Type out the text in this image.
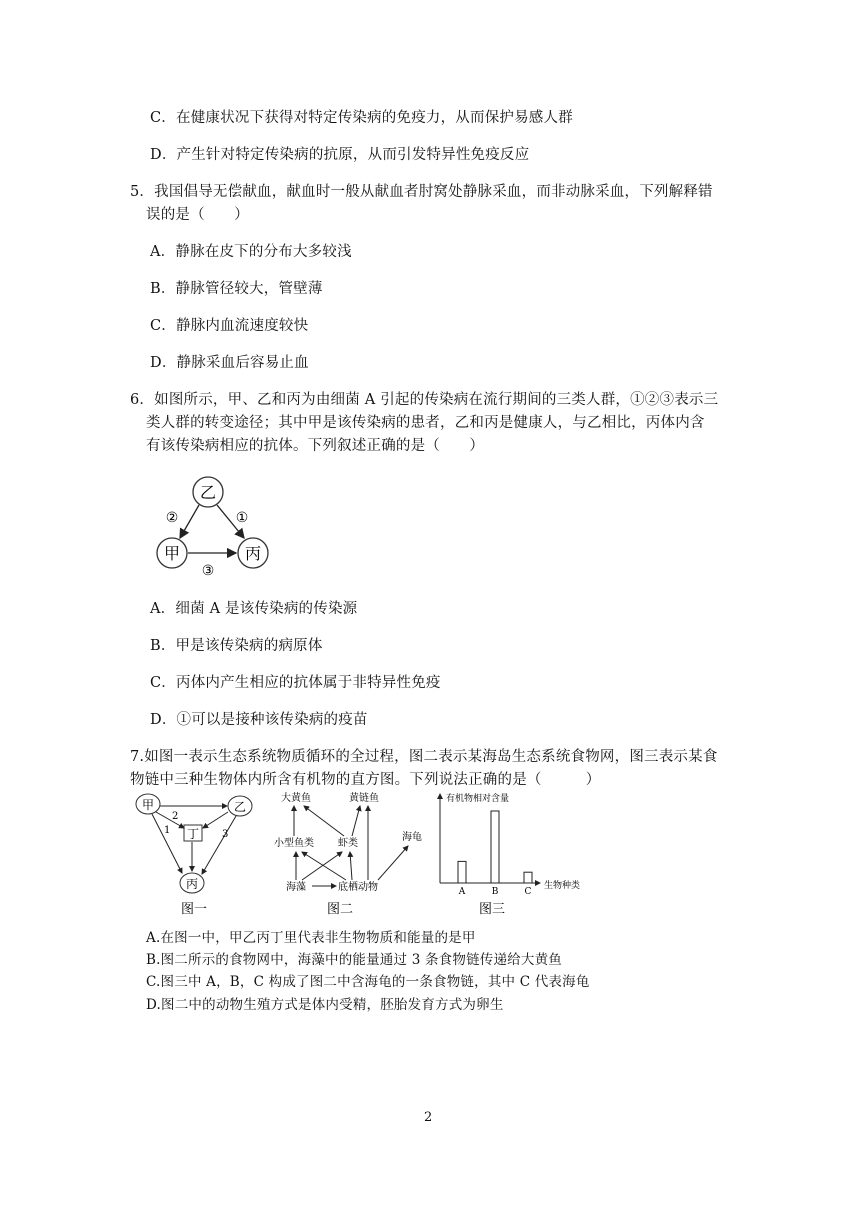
C．在健康状况下获得对特定传染病的免疫力，从而保护易感人群
D．产生针对特定传染病的抗原，从而引发特异性免疫反应
5．我国倡导无偿献血，献血时一般从献血者肘窝处静脉采血，而非动脉采血，下列解释错
误的是（　　）
A．静脉在皮下的分布大多较浅
B．静脉管径较大，管壁薄
C．静脉内血流速度较快
D．静脉采血后容易止血
6．如图所示，甲、乙和丙为由细菌 A 引起的传染病在流行期间的三类人群，①②③表示三
类人群的转变途径；其中甲是该传染病的患者，乙和丙是健康人，与乙相比，丙体内含
有该传染病相应的抗体。下列叙述正确的是（　　）
乙
甲	丙
②	①
③
A．细菌 A 是该传染病的传染源
B．甲是该传染病的病原体
C．丙体内产生相应的抗体属于非特异性免疫
D．①可以是接种该传染病的疫苗
7.如图一表示生态系统物质循环的全过程，图二表示某海岛生态系统食物网，图三表示某食
物链中三种生物体内所含有机物的直方图。下列说法正确的是（　　　）
甲	乙
丙
丁
1
2
3
图一
大黄鱼	黄链鱼
小型鱼类 虾类
海龟
海藻	底栖动物
图二
有机物相对含量
生物种类
A	B	C
图三
A.在图一中，甲乙丙丁里代表非生物物质和能量的是甲
B.图二所示的食物网中，海藻中的能量通过 3 条食物链传递给大黄鱼
C.图三中 A，B，C 构成了图二中含海龟的一条食物链，其中 C 代表海龟
D.图二中的动物生殖方式是体内受精，胚胎发育方式为卵生
2
